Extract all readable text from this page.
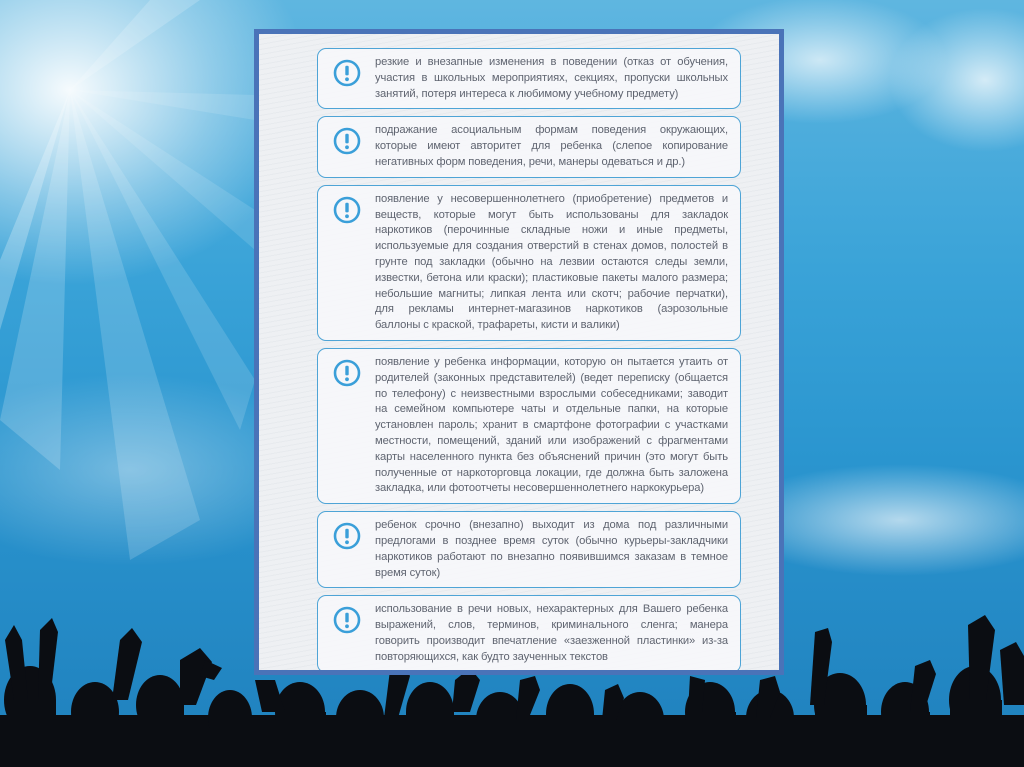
резкие и внезапные изменения в поведении (отказ от обучения, участия в школьных мероприятиях, секциях, пропуски школьных занятий, потеря интереса к любимому учебному предмету)
подражание асоциальным формам поведения окружающих, которые имеют авторитет для ребенка (слепое копирование негативных форм поведения, речи, манеры одеваться и др.)
появление у несовершеннолетнего (приобретение) предметов и веществ, которые могут быть использованы для закладок наркотиков (перочинные складные ножи и иные предметы, используемые для создания отверстий в стенах домов, полостей в грунте под закладки (обычно на лезвии остаются следы земли, известки, бетона или краски); пластиковые пакеты малого размера; небольшие магниты; липкая лента или скотч; рабочие перчатки), для рекламы интернет-магазинов наркотиков (аэрозольные баллоны с краской, трафареты, кисти и валики)
появление у ребенка информации, которую он пытается утаить от родителей (законных представителей) (ведет переписку (общается по телефону) с неизвестными взрослыми собеседниками; заводит на семейном компьютере чаты и отдельные папки, на которые установлен пароль; хранит в смартфоне фотографии с участками местности, помещений, зданий или изображений с фрагментами карты населенного пункта без объяснений причин (это могут быть полученные от наркоторговца локации, где должна быть заложена закладка, или фотоотчеты несовершеннолетнего наркокурьера)
ребенок срочно (внезапно) выходит из дома под различными предлогами в позднее время суток (обычно курьеры-закладчики наркотиков работают по внезапно появившимся заказам в темное время суток)
использование в речи новых, нехарактерных для Вашего ребенка выражений, слов, терминов, криминального сленга; манера говорить производит впечатление «заезженной пластинки» из-за повторяющихся, как будто заученных текстов
